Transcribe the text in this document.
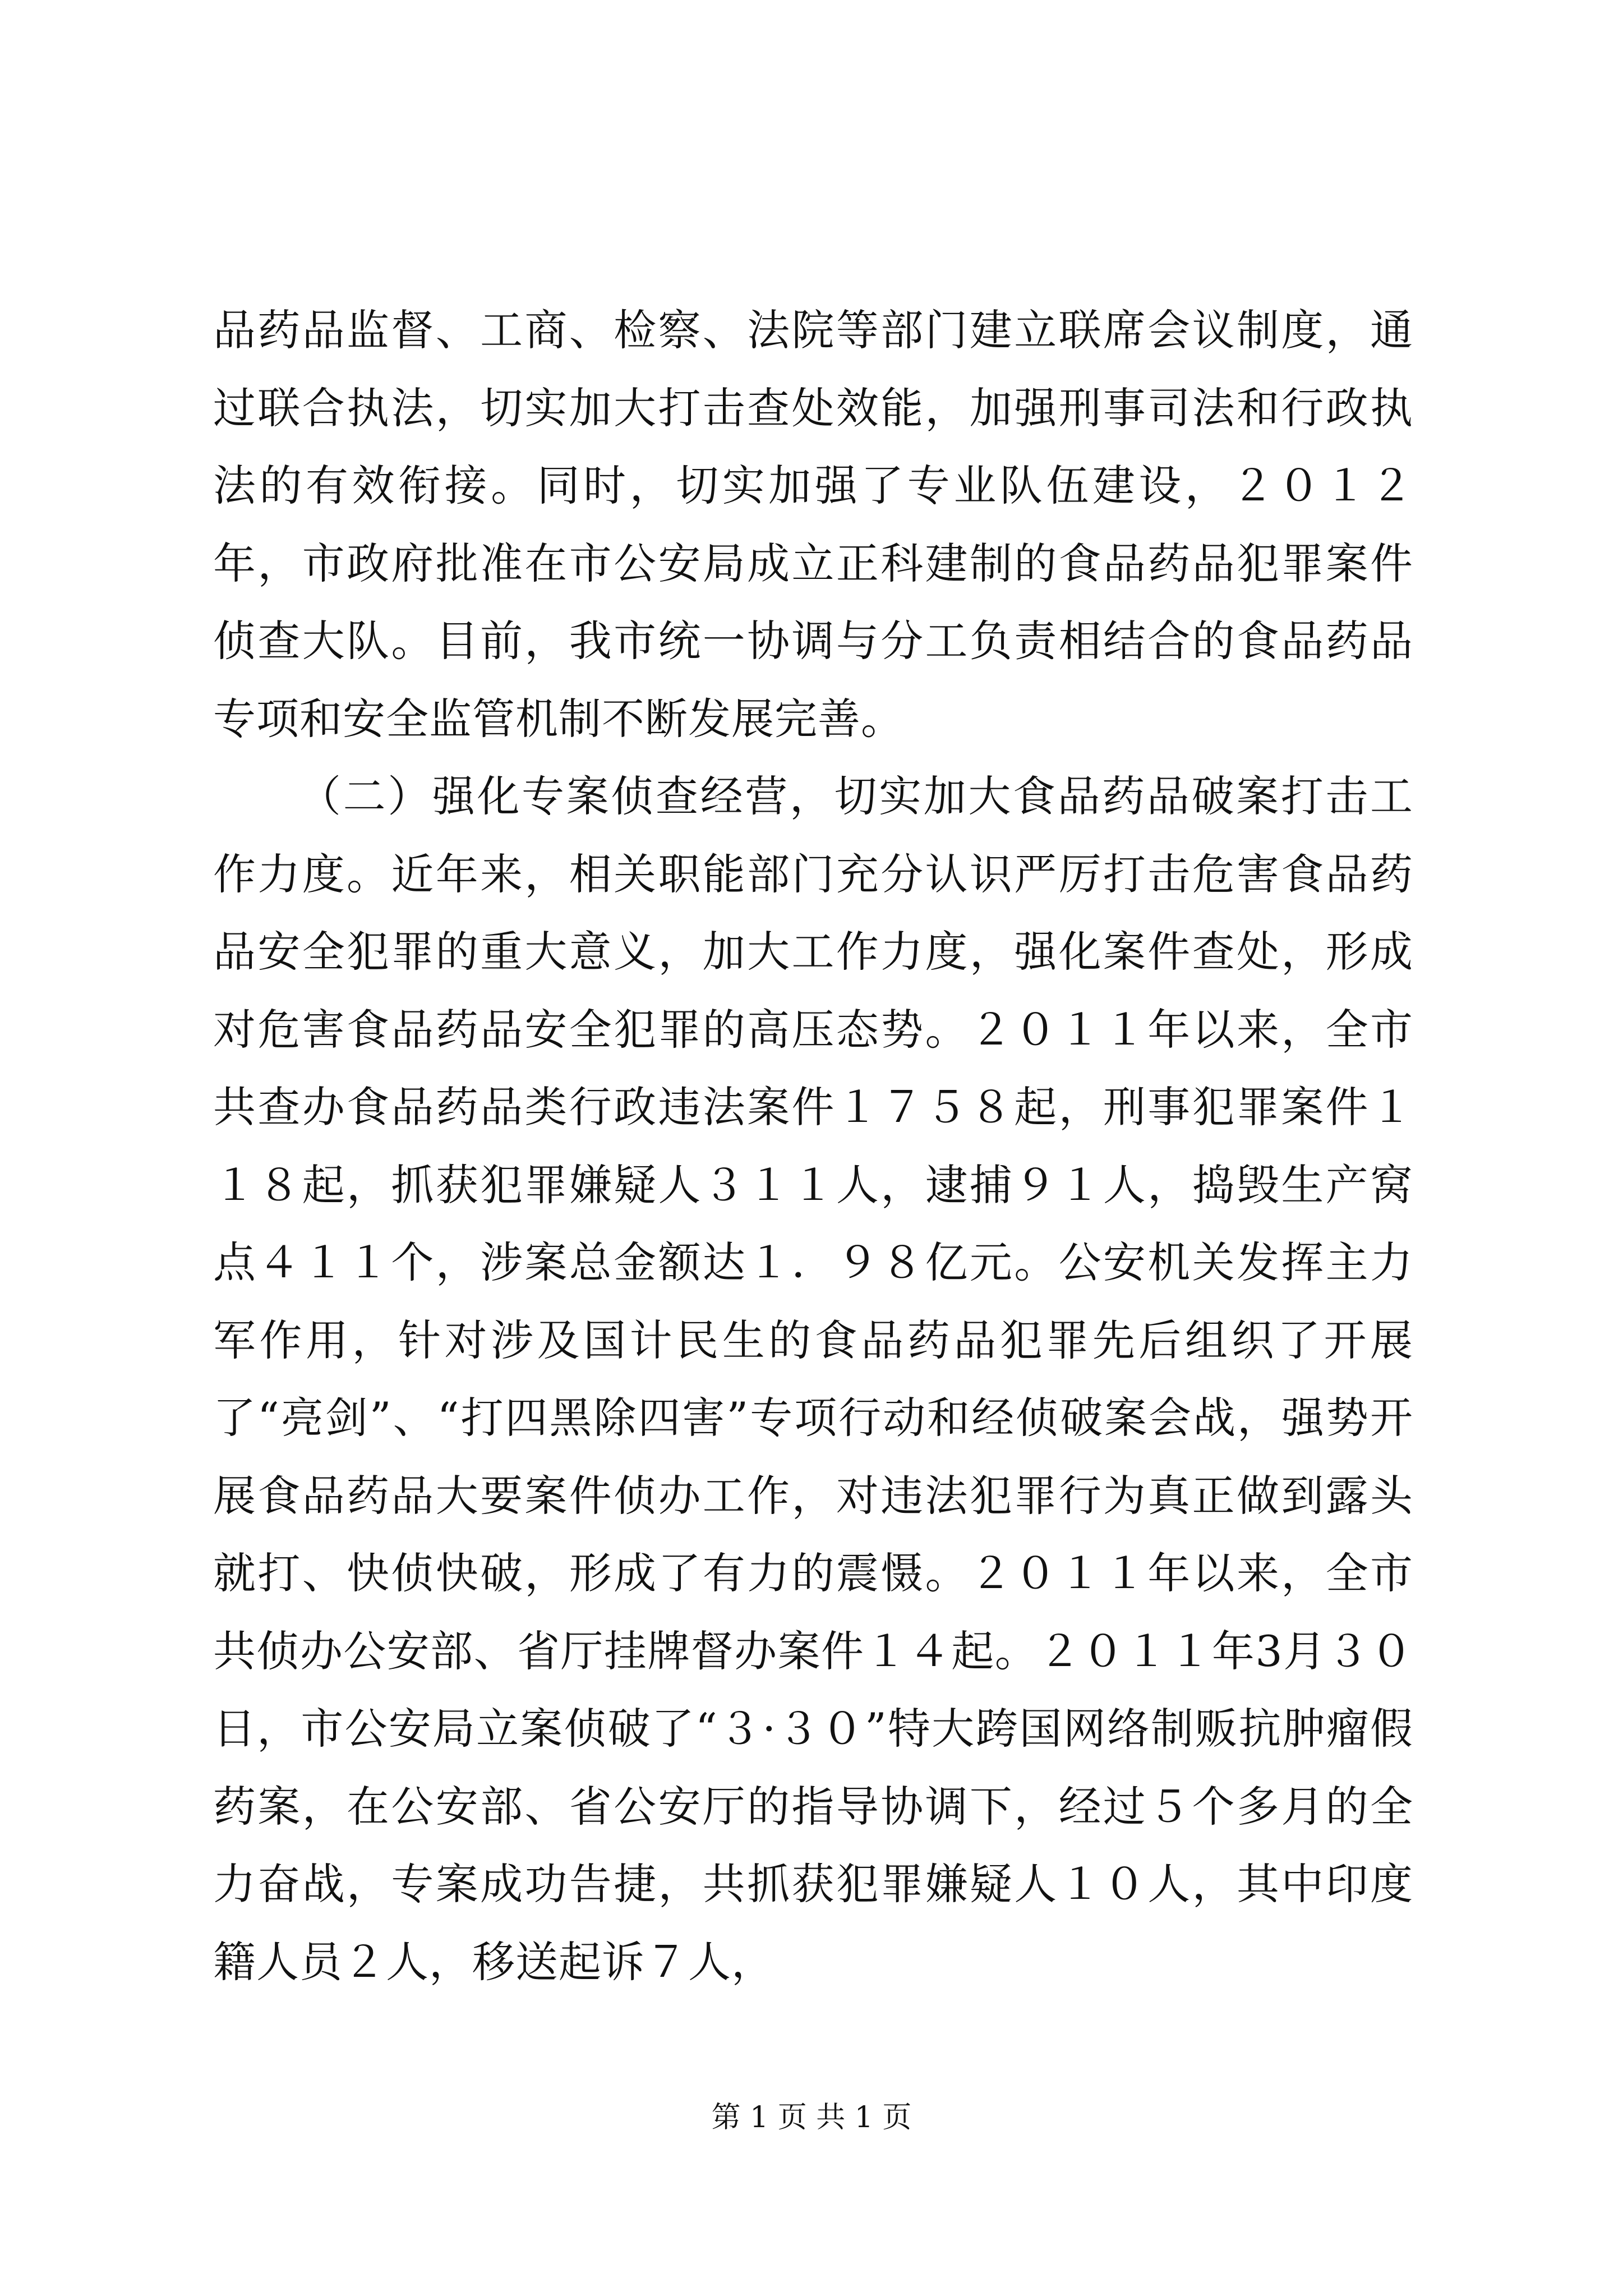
品药品监督、工商、检察、法院等部门建立联席会议制度，通过联合执法，切实加大打击查处效能，加强刑事司法和行政执法的有效衔接。同时，切实加强了专业队伍建设，２０１２年，市政府批准在市公安局成立正科建制的食品药品犯罪案件侦查大队。目前，我市统一协调与分工负责相结合的食品药品专项和安全监管机制不断发展完善。

（二）强化专案侦查经营，切实加大食品药品破案打击工作力度。近年来，相关职能部门充分认识严厉打击危害食品药品安全犯罪的重大意义，加大工作力度，强化案件查处，形成对危害食品药品安全犯罪的高压态势。２０１１年以来，全市共查办食品药品类行政违法案件１７５８起，刑事犯罪案件１１８起，抓获犯罪嫌疑人３１１人，逮捕９１人，捣毁生产窝点４１１个，涉案总金额达１．９８亿元。公安机关发挥主力军作用，针对涉及国计民生的食品药品犯罪先后组织了开展了“亮剑”、“打四黑除四害”专项行动和经侦破案会战，强势开展食品药品大要案件侦办工作，对违法犯罪行为真正做到露头就打、快侦快破，形成了有力的震慑。２０１１年以来，全市共侦办公安部、省厅挂牌督办案件１４起。２０１１年3月３０日，市公安局立案侦破了“３·３０”特大跨国网络制贩抗肿瘤假药案，在公安部、省公安厅的指导协调下，经过５个多月的全力奋战，专案成功告捷，共抓获犯罪嫌疑人１０人，其中印度籍人员２人，移送起诉７人，

第 1 页 共 1 页
